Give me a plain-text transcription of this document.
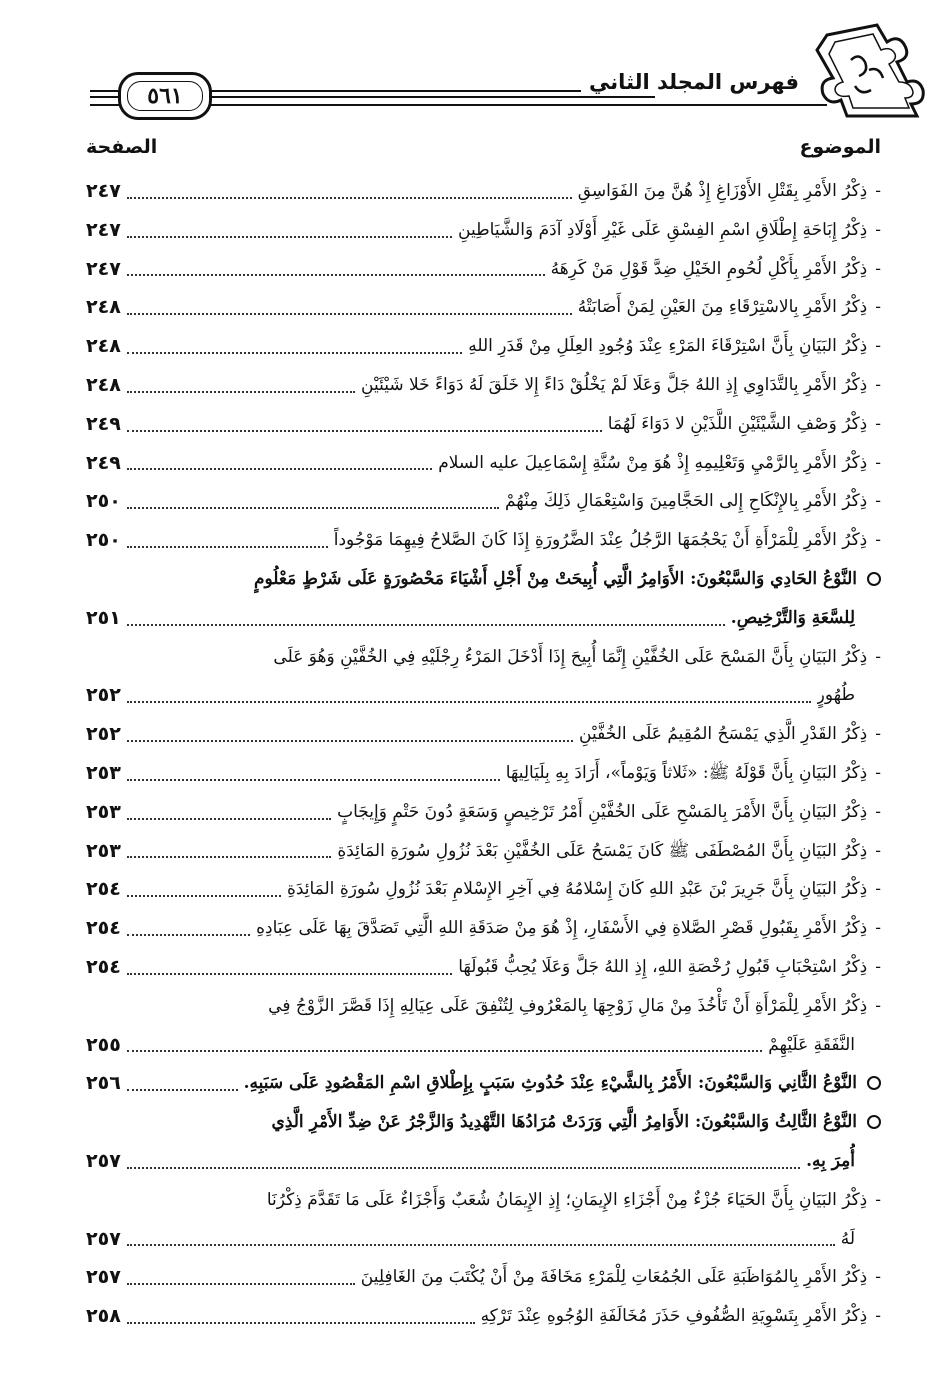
٥٦١
فهرس المجلد الثاني
الموضوع
الصفحة
-
ذِكْرُ الأَمْرِ بِقَتْلِ الأَوْزَاغِ إِذْ هُنَّ مِنَ الفَوَاسِقِ
٢٤٧
-
ذِكْرُ إِبَاحَةِ إِطْلَاقِ اسْمِ الفِسْقِ عَلَى غَيْرِ أَوْلَادِ آدَمَ وَالشَّيَاطِينِ
٢٤٧
-
ذِكْرُ الأَمْرِ بِأَكْلِ لُحُومِ الخَيْلِ ضِدَّ قَوْلِ مَنْ كَرِهَهُ
٢٤٧
-
ذِكْرُ الأَمْرِ بِالاسْتِرْقَاءِ مِنَ العَيْنِ لِمَنْ أَصَابَتْهُ
٢٤٨
-
ذِكْرُ البَيَانِ بِأَنَّ اسْتِرْقَاءَ المَرْءِ عِنْدَ وُجُودِ العِلَلِ مِنْ قَدَرِ اللهِ
٢٤٨
-
ذِكْرُ الأَمْرِ بِالتَّدَاوِي إِذِ اللهُ جَلَّ وَعَلَا لَمْ يَخْلُقْ دَاءً إِلا خَلَقَ لَهُ دَوَاءً خَلا شَيْئَيْنِ
٢٤٨
-
ذِكْرُ وَصْفِ الشَّيْئَيْنِ اللَّذَيْنِ لا دَوَاءَ لَهُمَا
٢٤٩
-
ذِكْرُ الأَمْرِ بِالرَّمْيِ وَتَعْلِيمِهِ إِذْ هُوَ مِنْ سُنَّةِ إِسْمَاعِيلَ عليه السلام
٢٤٩
-
ذِكْرُ الأَمْرِ بِالإِنْكَاحِ إِلى الحَجَّامِينَ وَاسْتِعْمَالِ ذَلِكَ مِنْهُمْ
٢٥٠
-
ذِكْرُ الأَمْرِ لِلْمَرْأَةِ أَنْ يَحْجُمَهَا الرَّجُلُ عِنْدَ الضَّرُورَةِ إِذَا كَانَ الصَّلاحُ فِيهِمَا مَوْجُوداً
٢٥٠
النَّوْعُ الحَادِي وَالسَّبْعُونَ: الأَوَامِرُ الَّتِي أُبِيحَتْ مِنْ أَجْلِ أَشْيَاءَ مَحْصُورَةٍ عَلَى شَرْطٍ مَعْلُومٍ
لِلسَّعَةِ وَالتَّرْخِيصِ.
٢٥١
-
ذِكْرُ البَيَانِ بِأَنَّ المَسْحَ عَلَى الخُفَّيْنِ إِنَّمَا أُبِيحَ إِذَا أَدْخَلَ المَرْءُ رِجْلَيْهِ فِي الخُفَّيْنِ وَهُوَ عَلَى
طُهُورٍ
٢٥٢
-
ذِكْرُ القَدْرِ الَّذِي يَمْسَحُ المُقِيمُ عَلَى الخُفَّيْنِ
٢٥٢
-
ذِكْرُ البَيَانِ بِأَنَّ قَوْلَهُ ﷺ: «ثَلاثاً وَيَوْماً»، أَرَادَ بِهِ بِلَيَالِيهَا
٢٥٣
-
ذِكْرُ البَيَانِ بِأَنَّ الأَمْرَ بِالمَسْحِ عَلَى الخُفَّيْنِ أَمْرُ تَرْخِيصٍ وَسَعَةٍ دُونَ حَتْمٍ وَإِيجَابٍ
٢٥٣
-
ذِكْرُ البَيَانِ بِأَنَّ المُصْطَفَى ﷺ كَانَ يَمْسَحُ عَلَى الخُفَّيْنِ بَعْدَ نُزُولِ سُورَةِ المَائِدَةِ
٢٥٣
-
ذِكْرُ البَيَانِ بِأَنَّ جَرِيرَ بْنَ عَبْدِ اللهِ كَانَ إِسْلامُهُ فِي آخِرِ الإِسْلامِ بَعْدَ نُزُولِ سُورَةِ المَائِدَةِ
٢٥٤
-
ذِكْرُ الأَمْرِ بِقَبُولِ قَصْرِ الصَّلاةِ فِي الأَسْفَارِ، إِذْ هُوَ مِنْ صَدَقَةِ اللهِ الَّتِي تَصَدَّقَ بِهَا عَلَى عِبَادِهِ
٢٥٤
-
ذِكْرُ اسْتِحْبَابِ قَبُولِ رُخْصَةِ اللهِ، إِذِ اللهُ جَلَّ وَعَلَا يُحِبُّ قَبُولَهَا
٢٥٤
-
ذِكْرُ الأَمْرِ لِلْمَرْأَةِ أَنْ تَأْخُذَ مِنْ مَالِ زَوْجِهَا بِالمَعْرُوفِ لِتُنْفِقَ عَلَى عِيَالِهِ إِذَا قَصَّرَ الزَّوْجُ فِي
النَّفَقَةِ عَلَيْهِمْ
٢٥٥
النَّوْعُ الثَّانِي وَالسَّبْعُونَ: الأَمْرُ بِالشَّيْءِ عِنْدَ حُدُوثِ سَبَبٍ بِإِطْلاقِ اسْمِ المَقْصُودِ عَلَى سَبَبِهِ.
٢٥٦
النَّوْعُ الثَّالِثُ وَالسَّبْعُونَ: الأَوَامِرُ الَّتِي وَرَدَتْ مُرَادُهَا التَّهْدِيدُ وَالزَّجْرُ عَنْ ضِدِّ الأَمْرِ الَّذِي
أُمِرَ بِهِ.
٢٥٧
-
ذِكْرُ البَيَانِ بِأَنَّ الحَيَاءَ جُزْءٌ مِنْ أَجْزَاءِ الإِيمَانِ؛ إِذِ الإِيمَانُ شُعَبٌ وَأَجْزَاءٌ عَلَى مَا تَقَدَّمَ ذِكْرُنَا
لَهُ
٢٥٧
-
ذِكْرُ الأَمْرِ بِالمُوَاظَبَةِ عَلَى الجُمُعَاتِ لِلْمَرْءِ مَخَافَةَ مِنْ أَنْ يُكْتَبَ مِنَ الغَافِلِينَ
٢٥٧
-
ذِكْرُ الأَمْرِ بِتَسْوِيَةِ الصُّفُوفِ حَذَرَ مُخَالَفَةِ الوُجُوهِ عِنْدَ تَرْكِهِ
٢٥٨
